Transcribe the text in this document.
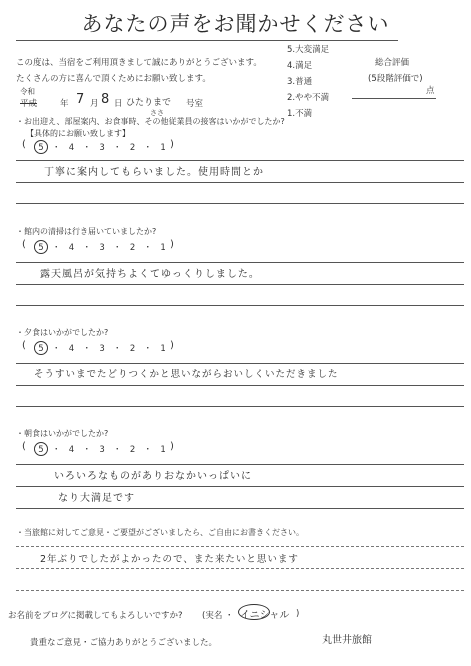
あなたの声をお聞かせください
この度は、当宿をご利用頂きまして誠にありがとうございます。
たくさんの方に喜んで頂くためにお願い致します。
5.大変満足
4.満足
3.普通
2.やや不満
1.不満
総合評価
(5段階評価で)
点
令和
平成	年 7 月 8 日 ひたりまで 号室
ささ
・お出迎え、部屋案内、お食事時、その他従業員の接客はいかがでしたか?
【具体的にお願い致します】
(	5 ・ 4 ・ 3 ・ 2 ・ 1 )
丁寧に案内してもらいました。使用時間とか
・館内の清掃は行き届いていましたか?
(	5 ・ 4 ・ 3 ・ 2 ・ 1 )
露天風呂が気持ちよくてゆっくりしました。
・夕食はいかがでしたか?
(	5 ・ 4 ・ 3 ・ 2 ・ 1 )
そうすいまでたどりつくかと思いながらおいしくいただきました
・朝食はいかがでしたか?
(	5 ・ 4 ・ 3 ・ 2 ・ 1 )
いろいろなものがありおなかいっぱいに
なり大満足です
・当旅館に対してご意見・ご要望がございましたら、ご自由にお書きください。
2年ぶりでしたがよかったので、また来たいと思います
お名前をブログに掲載してもよろしいですか? (実名 ・ イニシャル )
貴重なご意見・ご協力ありがとうございました。	丸世井旅館
